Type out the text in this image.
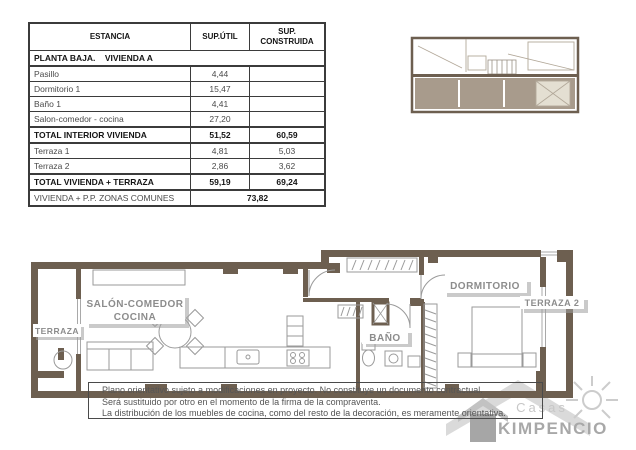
ESTANCIA	SUP.ÚTIL	SUP. CONSTRUIDA
PLANTA BAJA.    VIVIENDA A		
Pasillo	4,44	
Dormitorio 1	15,47	
Baño 1	4,41	
Salon-comedor - cocina	27,20	
TOTAL INTERIOR VIVIENDA	51,52	60,59
Terraza 1	4,81	5,03
Terraza 2	2,86	3,62
TOTAL VIVIENDA + TERRAZA	59,19	69,24
VIVIENDA + P.P. ZONAS COMUNES	73,82	
Casas
KIMPENCIO
TERRAZA
SALÓN-COMEDOR
COCINA
BAÑO
DORMITORIO
TERRAZA 2
Plano orientativo sujeto a modificaciones en proyecto. No constituye un documento contractual.
Será sustituido por otro en el momento de la firma de la compraventa.
La distribución de los muebles de cocina, como del resto de la decoración, es meramente orientativa.
